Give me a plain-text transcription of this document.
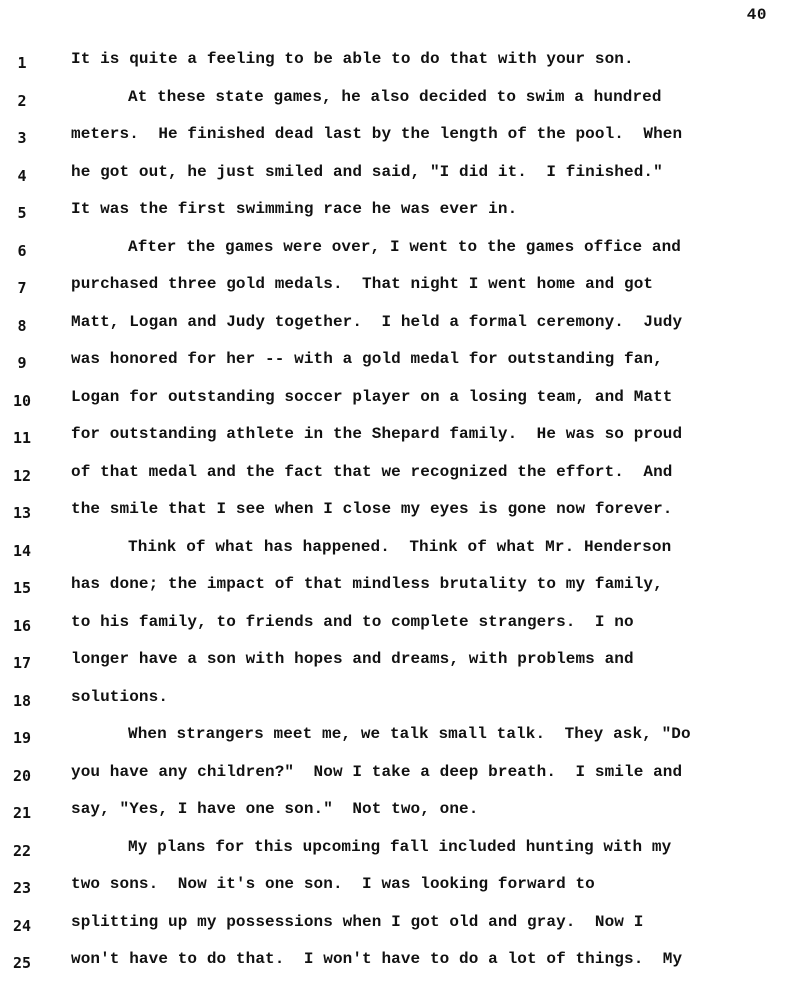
40
1	It is quite a feeling to be able to do that with your son.
2	At these state games, he also decided to swim a hundred
3	meters.  He finished dead last by the length of the pool.  When
4	he got out, he just smiled and said, "I did it.  I finished."
5	It was the first swimming race he was ever in.
6	After the games were over, I went to the games office and
7	purchased three gold medals.  That night I went home and got
8	Matt, Logan and Judy together.  I held a formal ceremony.  Judy
9	was honored for her -- with a gold medal for outstanding fan,
10	Logan for outstanding soccer player on a losing team, and Matt
11	for outstanding athlete in the Shepard family.  He was so proud
12	of that medal and the fact that we recognized the effort.  And
13	the smile that I see when I close my eyes is gone now forever.
14	Think of what has happened.  Think of what Mr. Henderson
15	has done; the impact of that mindless brutality to my family,
16	to his family, to friends and to complete strangers.  I no
17	longer have a son with hopes and dreams, with problems and
18	solutions.
19	When strangers meet me, we talk small talk.  They ask, "Do
20	you have any children?"  Now I take a deep breath.  I smile and
21	say, "Yes, I have one son."  Not two, one.
22	My plans for this upcoming fall included hunting with my
23	two sons.  Now it's one son.  I was looking forward to
24	splitting up my possessions when I got old and gray.  Now I
25	won't have to do that.  I won't have to do a lot of things.  My
